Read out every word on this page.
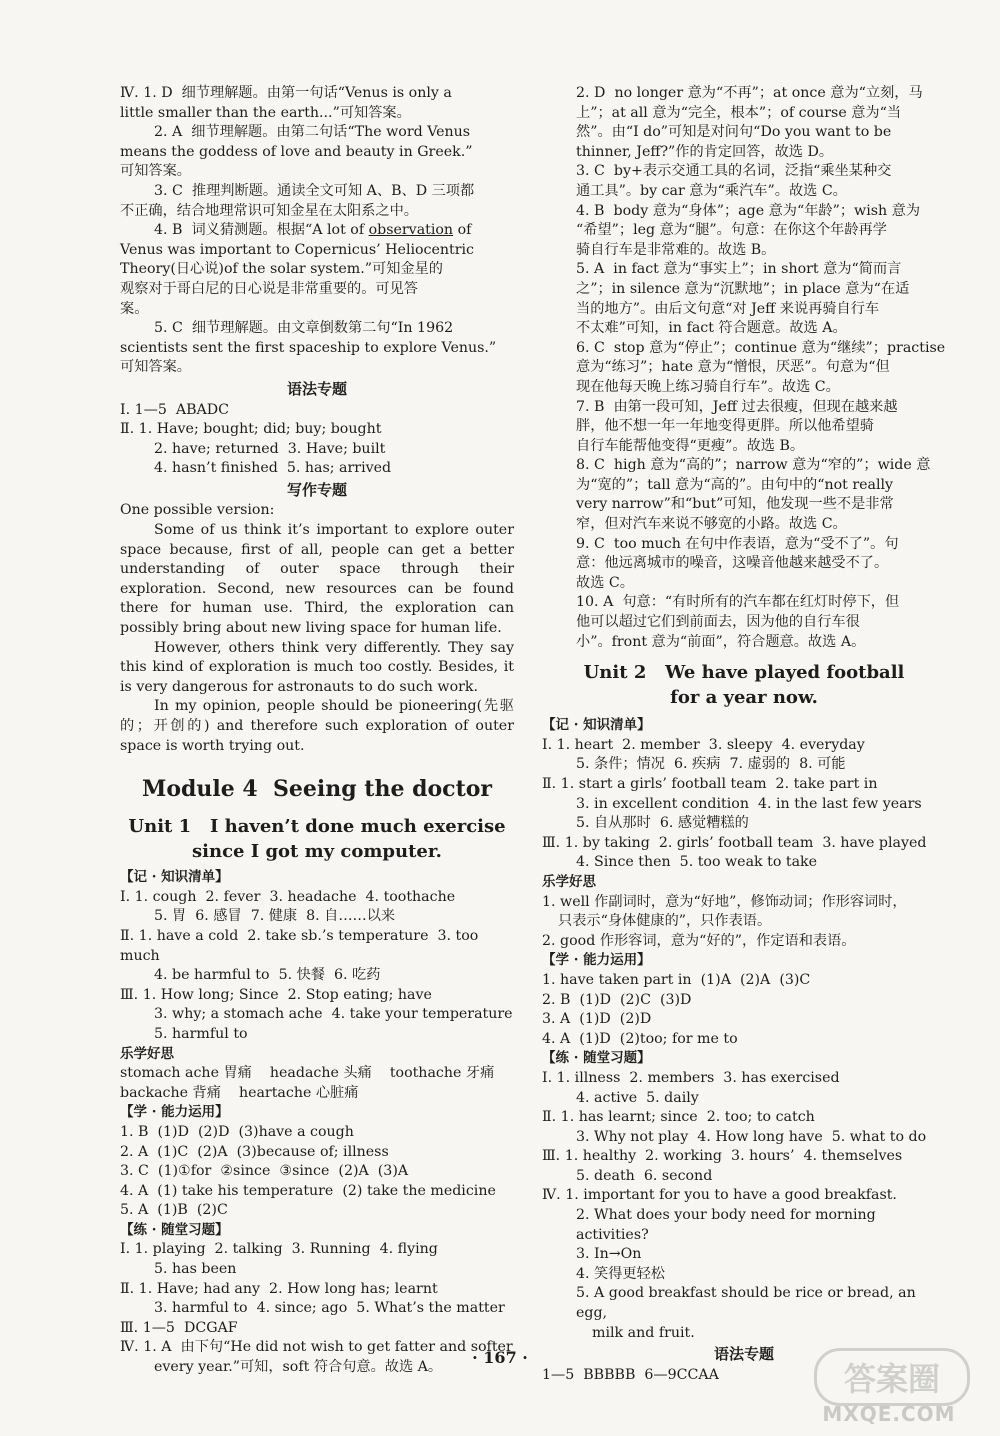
Ⅳ. 1. D  细节理解题。由第一句话“Venus is only a

little smaller than the earth...”可知答案。

2. A  细节理解题。由第二句话“The word Venus

means the goddess of love and beauty in Greek.”

可知答案。

3. C  推理判断题。通读全文可知 A、B、D 三项都

不正确，结合地理常识可知金星在太阳系之中。

4. B  词义猜测题。根据“A lot of observation of

Venus was important to Copernicus’ Heliocentric

Theory(日心说)of the solar system.”可知金星的

观察对于哥白尼的日心说是非常重要的。可见答

案。

5. C  细节理解题。由文章倒数第二句“In 1962

scientists sent the first spaceship to explore Venus.”

可知答案。

语法专题

Ⅰ. 1—5  ABADC

Ⅱ. 1. Have; bought; did; buy; bought

2. have; returned  3. Have; built

4. hasn’t finished  5. has; arrived

写作专题

One possible version:

Some of us think it’s important to explore outer space because, first of all, people can get a better understanding of outer space through their exploration. Second, new resources can be found there for human use. Third, the exploration can possibly bring about new living space for human life.

However, others think very differently. They say this kind of exploration is much too costly. Besides, it is very dangerous for astronauts to do such work.

In my opinion, people should be pioneering(先驱的；开创的) and therefore such exploration of outer space is worth trying out.

Module 4  Seeing the doctor

Unit 1   I haven’t done much exercise
since I got my computer.

【记 · 知识清单】

Ⅰ. 1. cough  2. fever  3. headache  4. toothache

5. 胃  6. 感冒  7. 健康  8. 自……以来

Ⅱ. 1. have a cold  2. take sb.’s temperature  3. too much

4. be harmful to  5. 快餐  6. 吃药

Ⅲ. 1. How long; Since  2. Stop eating; have

3. why; a stomach ache  4. take your temperature

5. harmful to

乐学好思

stomach ache 胃痛    headache 头痛    toothache 牙痛

backache 背痛    heartache 心脏痛

【学 · 能力运用】

1. B  (1)D  (2)D  (3)have a cough

2. A  (1)C  (2)A  (3)because of; illness

3. C  (1)①for  ②since  ③since  (2)A  (3)A

4. A  (1) take his temperature  (2) take the medicine

5. A  (1)B  (2)C

【练 · 随堂习题】

Ⅰ. 1. playing  2. talking  3. Running  4. flying

5. has been

Ⅱ. 1. Have; had any  2. How long has; learnt

3. harmful to  4. since; ago  5. What’s the matter

Ⅲ. 1—5  DCGAF

Ⅳ. 1. A  由下句“He did not wish to get fatter and softer

every year.”可知，soft 符合句意。故选 A。

2. D  no longer 意为“不再”；at once 意为“立刻，马

上”；at all 意为“完全，根本”；of course 意为“当

然”。由“I do”可知是对问句“Do you want to be

thinner, Jeff?”作的肯定回答，故选 D。

3. C  by+表示交通工具的名词，泛指“乘坐某种交

通工具”。by car 意为“乘汽车”。故选 C。

4. B  body 意为“身体”；age 意为“年龄”；wish 意为

“希望”；leg 意为“腿”。句意：在你这个年龄再学

骑自行车是非常难的。故选 B。

5. A  in fact 意为“事实上”；in short 意为“简而言

之”；in silence 意为“沉默地”；in place 意为“在适

当的地方”。由后文句意“对 Jeff 来说再骑自行车

不太难”可知，in fact 符合题意。故选 A。

6. C  stop 意为“停止”；continue 意为“继续”；practise

意为“练习”；hate 意为“憎恨，厌恶”。句意为“但

现在他每天晚上练习骑自行车”。故选 C。

7. B  由第一段可知，Jeff 过去很瘦，但现在越来越

胖，他不想一年一年地变得更胖。所以他希望骑

自行车能帮他变得“更瘦”。故选 B。

8. C  high 意为“高的”；narrow 意为“窄的”；wide 意

为“宽的”；tall 意为“高的”。由句中的“not really

very narrow”和“but”可知，他发现一些不是非常

窄，但对汽车来说不够宽的小路。故选 C。

9. C  too much 在句中作表语，意为“受不了”。句

意：他远离城市的噪音，这噪音他越来越受不了。

故选 C。

10. A  句意：“有时所有的汽车都在红灯时停下，但

他可以超过它们到前面去，因为他的自行车很

小”。front 意为“前面”，符合题意。故选 A。

Unit 2   We have played football
for a year now.

【记 · 知识清单】

Ⅰ. 1. heart  2. member  3. sleepy  4. everyday

5. 条件；情况  6. 疾病  7. 虚弱的  8. 可能

Ⅱ. 1. start a girls’ football team  2. take part in

3. in excellent condition  4. in the last few years

5. 自从那时  6. 感觉糟糕的

Ⅲ. 1. by taking  2. girls’ football team  3. have played

4. Since then  5. too weak to take

乐学好思

1. well 作副词时，意为“好地”，修饰动词；作形容词时，

只表示“身体健康的”，只作表语。

2. good 作形容词，意为“好的”，作定语和表语。

【学 · 能力运用】

1. have taken part in  (1)A  (2)A  (3)C

2. B  (1)D  (2)C  (3)D

3. A  (1)D  (2)D

4. A  (1)D  (2)too; for me to

【练 · 随堂习题】

Ⅰ. 1. illness  2. members  3. has exercised

4. active  5. daily

Ⅱ. 1. has learnt; since  2. too; to catch

3. Why not play  4. How long have  5. what to do

Ⅲ. 1. healthy  2. working  3. hours’  4. themselves

5. death  6. second

Ⅳ. 1. important for you to have a good breakfast.

2. What does your body need for morning activities?

3. In→On

4. 笑得更轻松

5. A good breakfast should be rice or bread, an egg,

milk and fruit.

语法专题

1—5  BBBBB  6—9CCAA

· 167 ·
答案圈
MXQE.COM
